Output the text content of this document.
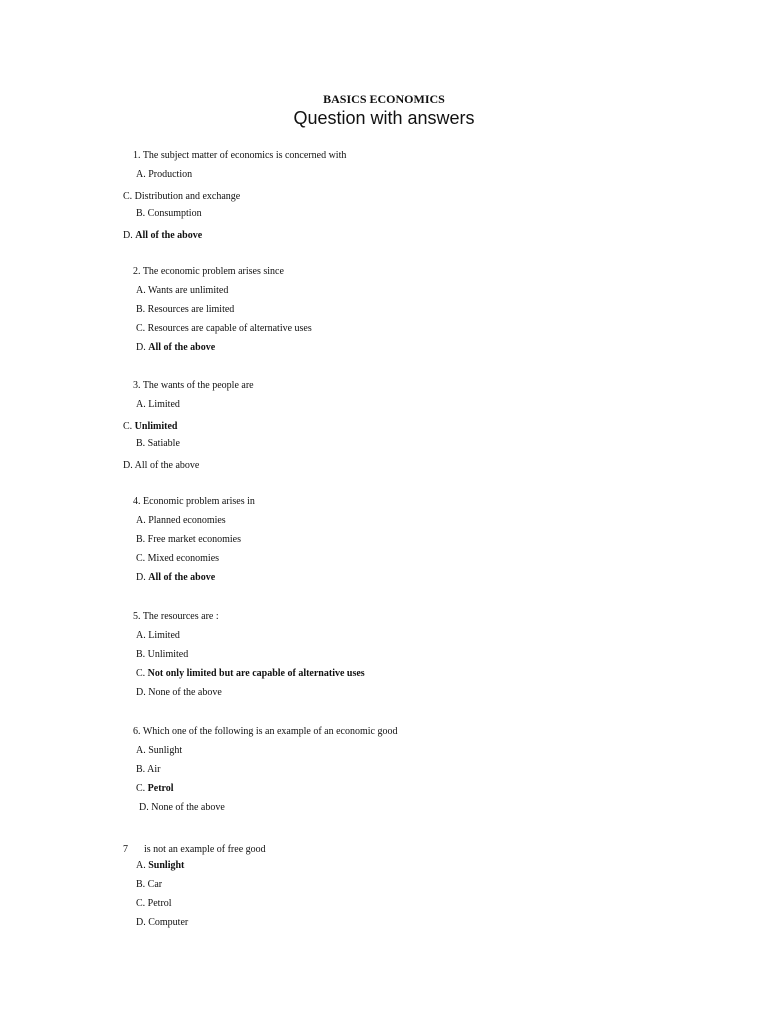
BASICS ECONOMICS
Question with answers
1. The subject matter of economics is concerned with
A. Production
C. Distribution and exchange
B. Consumption
D. All of the above
2. The economic problem arises since
A. Wants are unlimited
B. Resources are limited
C. Resources are capable of alternative uses
D. All of the above
3. The wants of the people are
A. Limited
C. Unlimited
B. Satiable
D. All of the above
4. Economic problem arises in
A. Planned economies
B. Free market economies
C. Mixed economies
D. All of the above
5. The resources are :
A. Limited
B. Unlimited
C. Not only limited but are capable of alternative uses
D. None of the above
6. Which one of the following is an example of an economic good
A. Sunlight
B. Air
C. Petrol
D. None of the above
7 is not an example of free good
A. Sunlight
B. Car
C. Petrol
D. Computer
